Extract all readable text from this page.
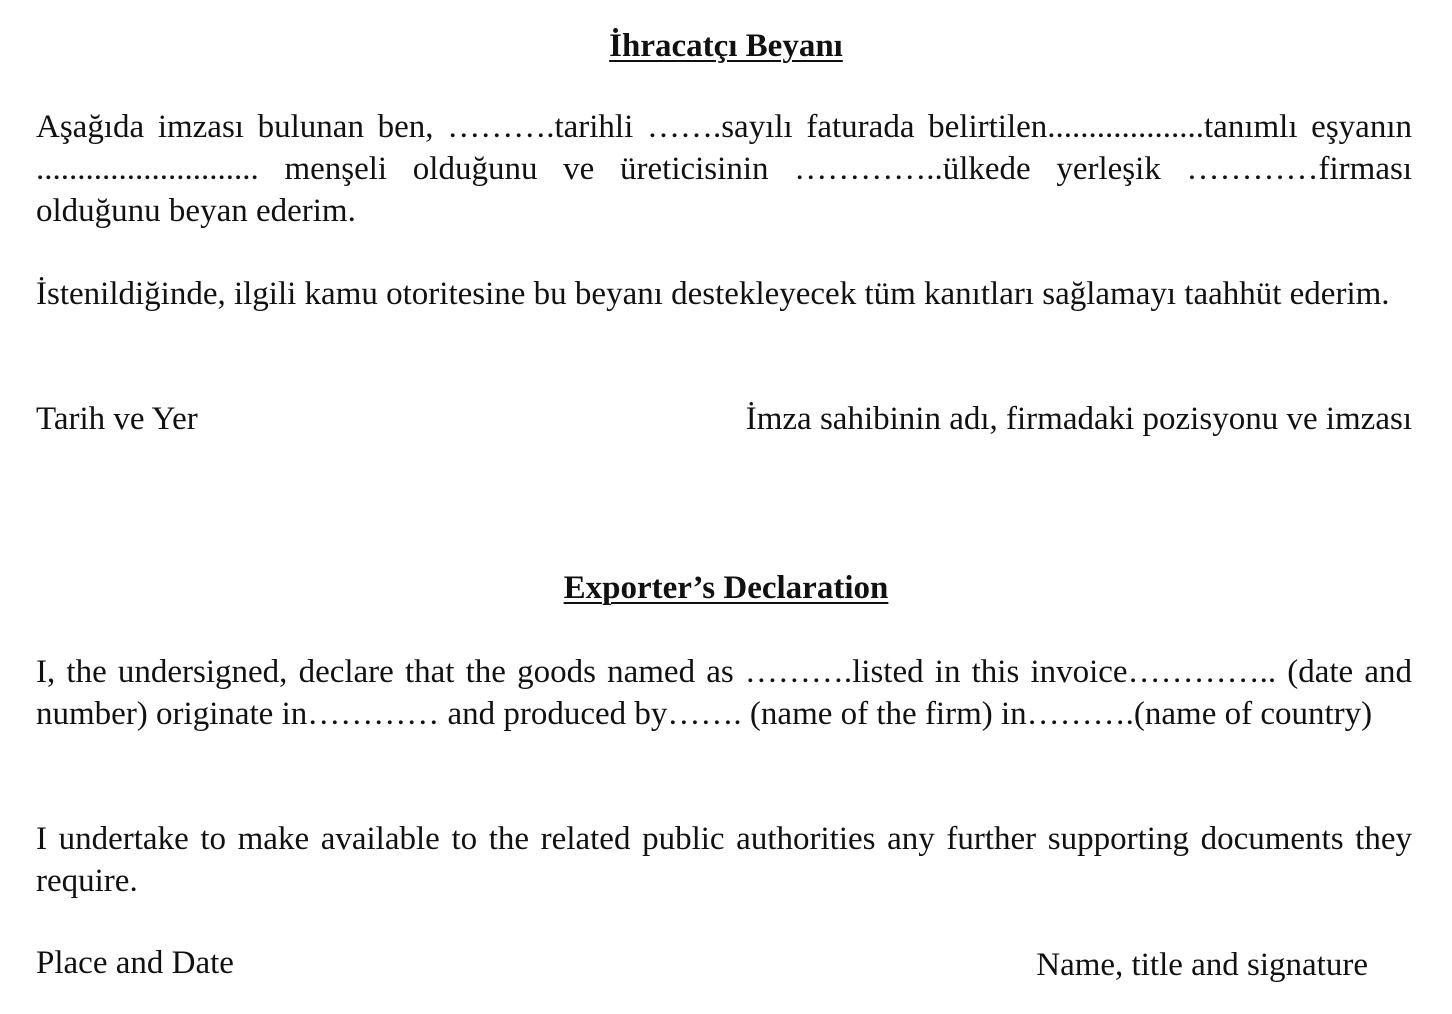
İhracatçı Beyanı

Aşağıda imzası bulunan ben, ……….tarihli …….sayılı faturada belirtilen...................tanımlı eşyanın ........................... menşeli olduğunu ve üreticisinin …………..ülkede yerleşik …………firması olduğunu beyan ederim.

İstenildiğinde, ilgili kamu otoritesine bu beyanı destekleyecek tüm kanıtları sağlamayı taahhüt ederim.

Tarih ve Yer	İmza sahibinin adı, firmadaki pozisyonu ve imzası
Exporter’s Declaration

I, the undersigned, declare that the goods named as ……….listed in this invoice………….. (date and number) originate in………… and produced by……. (name of the firm) in……….(name of country)

I undertake to make available to the related public authorities any further supporting documents they require.

Place and Date	Name, title and signature
